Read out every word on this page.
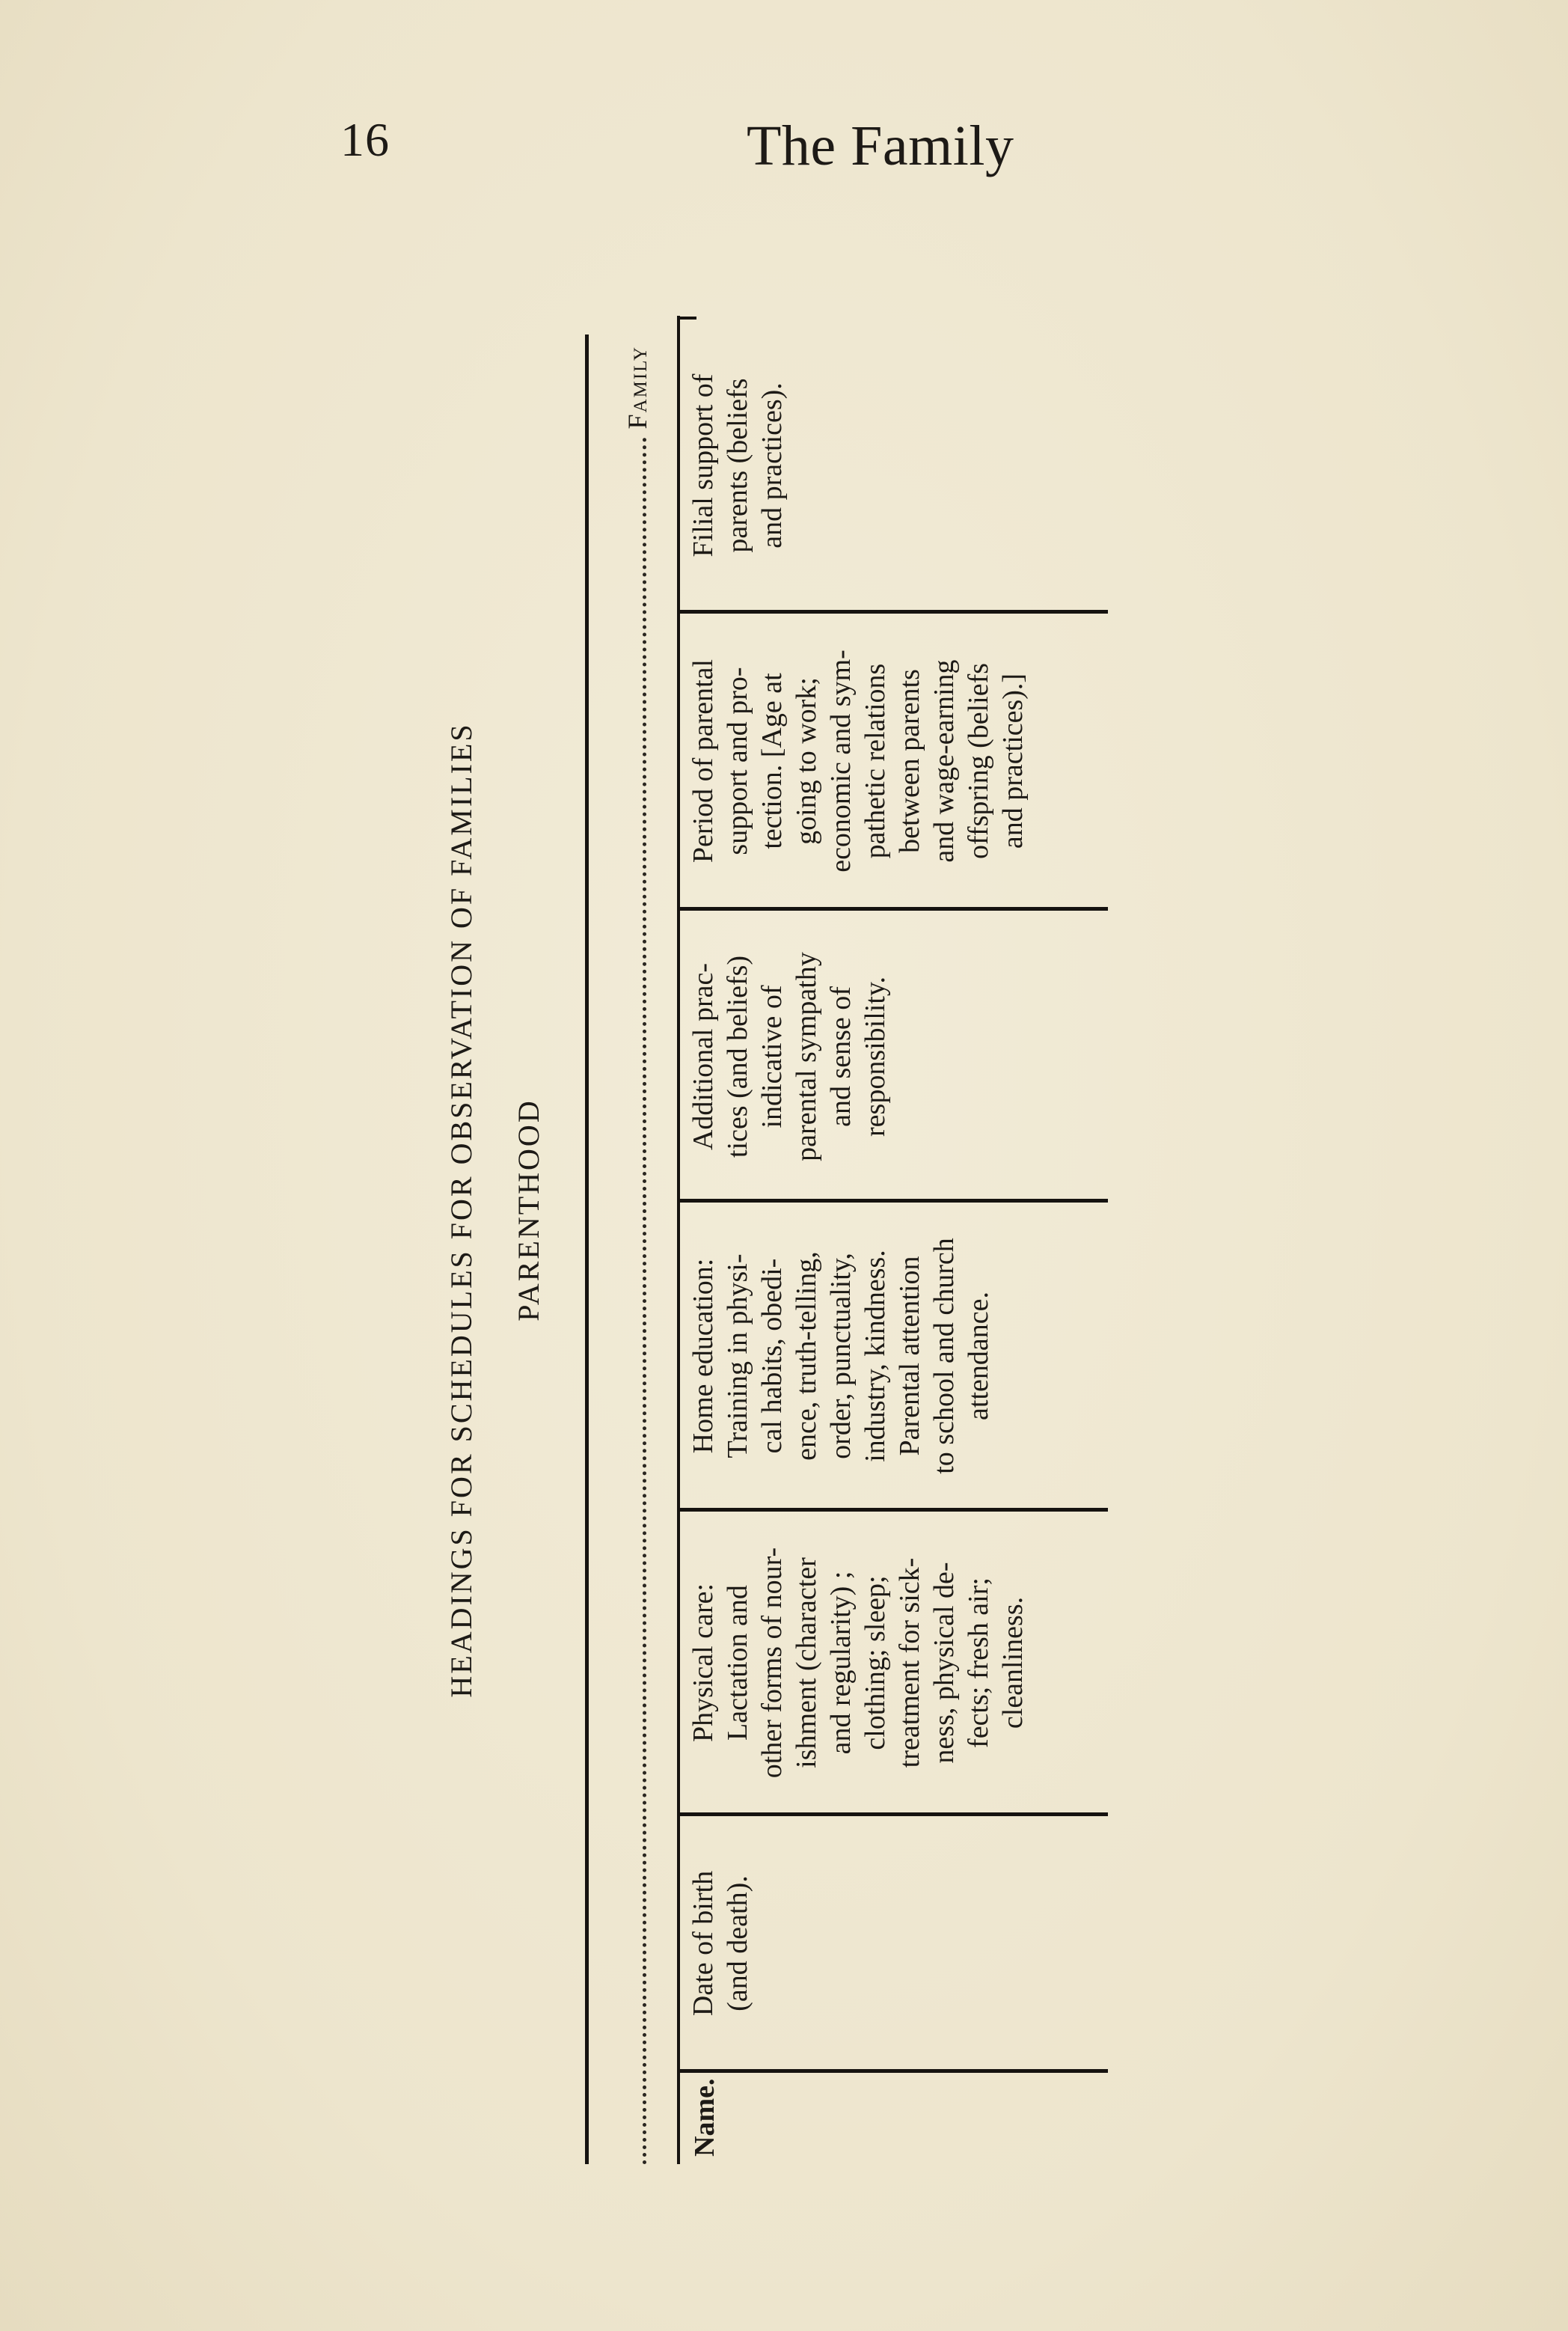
16	The Family
HEADINGS FOR SCHEDULES FOR OBSERVATION OF FAMILIES PARENTHOOD
Family
Name.
Date of birth (and death).
Physical care: Lactation and other forms of nour- ishment (character and regularity) ; clothing; sleep; treatment for sick- ness, physical de- fects; fresh air; cleanliness.
Home education: Training in physi- cal habits, obedi- ence, truth-telling, order, punctuality, industry, kindness. Parental attention to school and church attendance.
Additional prac- tices (and beliefs) indicative of parental sympathy and sense of responsibility.
Period of parental support and pro- tection. [Age at going to work; economic and sym- pathetic relations between parents and wage-earning offspring (beliefs and practices).]
Filial support of parents (beliefs and practices).
